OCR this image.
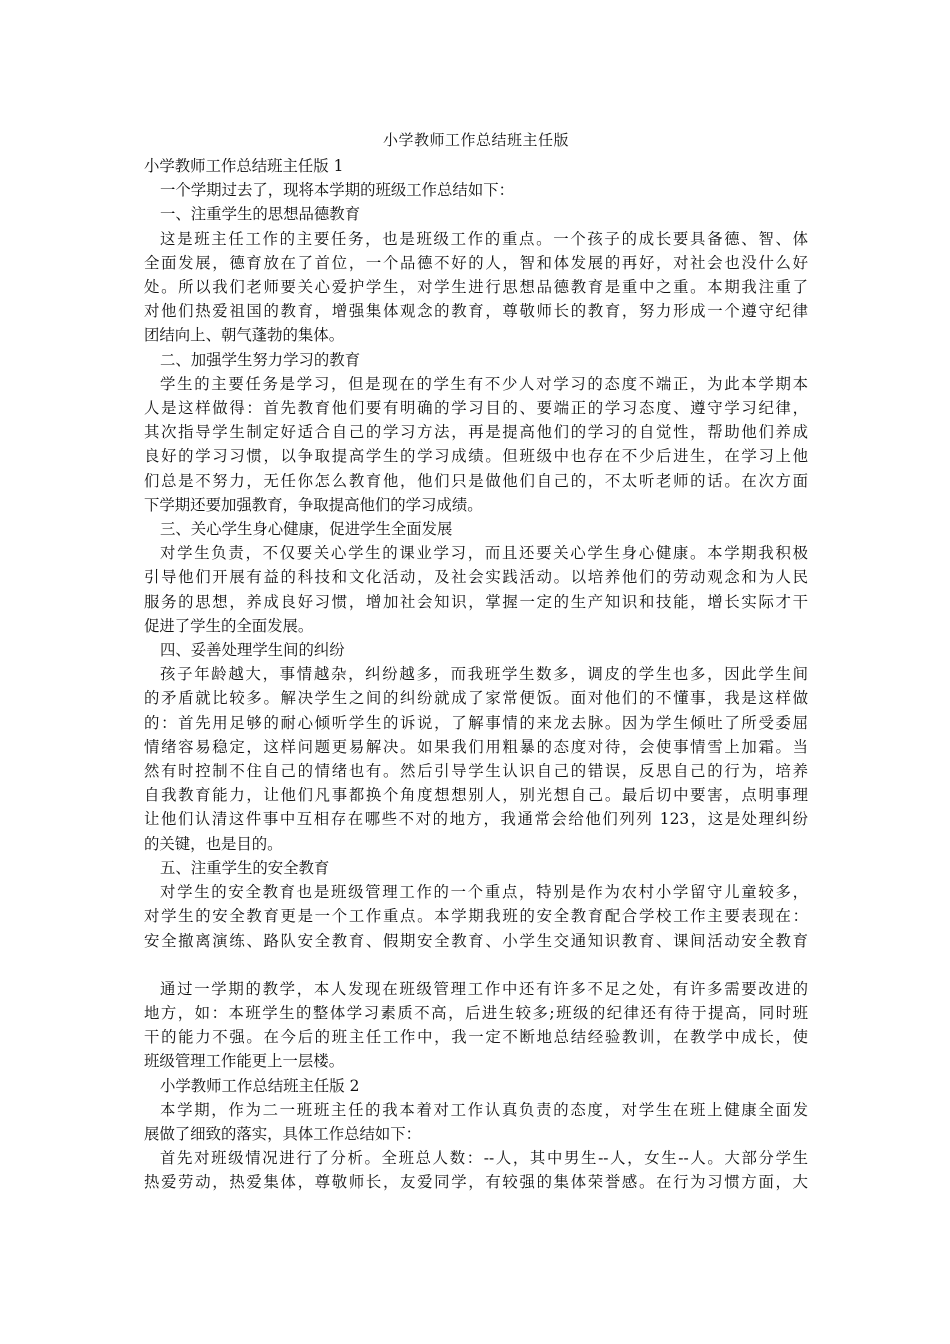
小学教师工作总结班主任版

小学教师工作总结班主任版 1

一个学期过去了，现将本学期的班级工作总结如下：

一、注重学生的思想品德教育

这是班主任工作的主要任务，也是班级工作的重点。一个孩子的成长要具备德、智、体

全面发展，德育放在了首位，一个品德不好的人，智和体发展的再好，对社会也没什么好

处。所以我们老师要关心爱护学生，对学生进行思想品德教育是重中之重。本期我注重了

对他们热爱祖国的教育，增强集体观念的教育，尊敬师长的教育，努力形成一个遵守纪律

团结向上、朝气蓬勃的集体。

二、加强学生努力学习的教育

学生的主要任务是学习，但是现在的学生有不少人对学习的态度不端正，为此本学期本

人是这样做得：首先教育他们要有明确的学习目的、要端正的学习态度、遵守学习纪律，

其次指导学生制定好适合自己的学习方法，再是提高他们的学习的自觉性，帮助他们养成

良好的学习习惯，以争取提高学生的学习成绩。但班级中也存在不少后进生，在学习上他

们总是不努力，无任你怎么教育他，他们只是做他们自己的，不太听老师的话。在次方面

下学期还要加强教育，争取提高他们的学习成绩。

三、关心学生身心健康，促进学生全面发展

对学生负责，不仅要关心学生的课业学习，而且还要关心学生身心健康。本学期我积极

引导他们开展有益的科技和文化活动，及社会实践活动。以培养他们的劳动观念和为人民

服务的思想，养成良好习惯，增加社会知识，掌握一定的生产知识和技能，增长实际才干

促进了学生的全面发展。

四、妥善处理学生间的纠纷

孩子年龄越大，事情越杂，纠纷越多，而我班学生数多，调皮的学生也多，因此学生间

的矛盾就比较多。解决学生之间的纠纷就成了家常便饭。面对他们的不懂事，我是这样做

的：首先用足够的耐心倾听学生的诉说，了解事情的来龙去脉。因为学生倾吐了所受委屈

情绪容易稳定，这样问题更易解决。如果我们用粗暴的态度对待，会使事情雪上加霜。当

然有时控制不住自己的情绪也有。然后引导学生认识自己的错误，反思自己的行为，培养

自我教育能力，让他们凡事都换个角度想想别人，别光想自己。最后切中要害，点明事理

让他们认清这件事中互相存在哪些不对的地方，我通常会给他们列列 123，这是处理纠纷

的关键，也是目的。

五、注重学生的安全教育

对学生的安全教育也是班级管理工作的一个重点，特别是作为农村小学留守儿童较多，

对学生的安全教育更是一个工作重点。本学期我班的安全教育配合学校工作主要表现在：

安全撤离演练、路队安全教育、假期安全教育、小学生交通知识教育、课间活动安全教育

通过一学期的教学，本人发现在班级管理工作中还有许多不足之处，有许多需要改进的

地方，如：本班学生的整体学习素质不高，后进生较多;班级的纪律还有待于提高，同时班

干的能力不强。在今后的班主任工作中，我一定不断地总结经验教训，在教学中成长，使

班级管理工作能更上一层楼。

小学教师工作总结班主任版 2

本学期，作为二一班班主任的我本着对工作认真负责的态度，对学生在班上健康全面发

展做了细致的落实，具体工作总结如下：

首先对班级情况进行了分析。全班总人数：--人，其中男生--人，女生--人。大部分学生

热爱劳动，热爱集体，尊敬师长，友爱同学，有较强的集体荣誉感。在行为习惯方面，大
